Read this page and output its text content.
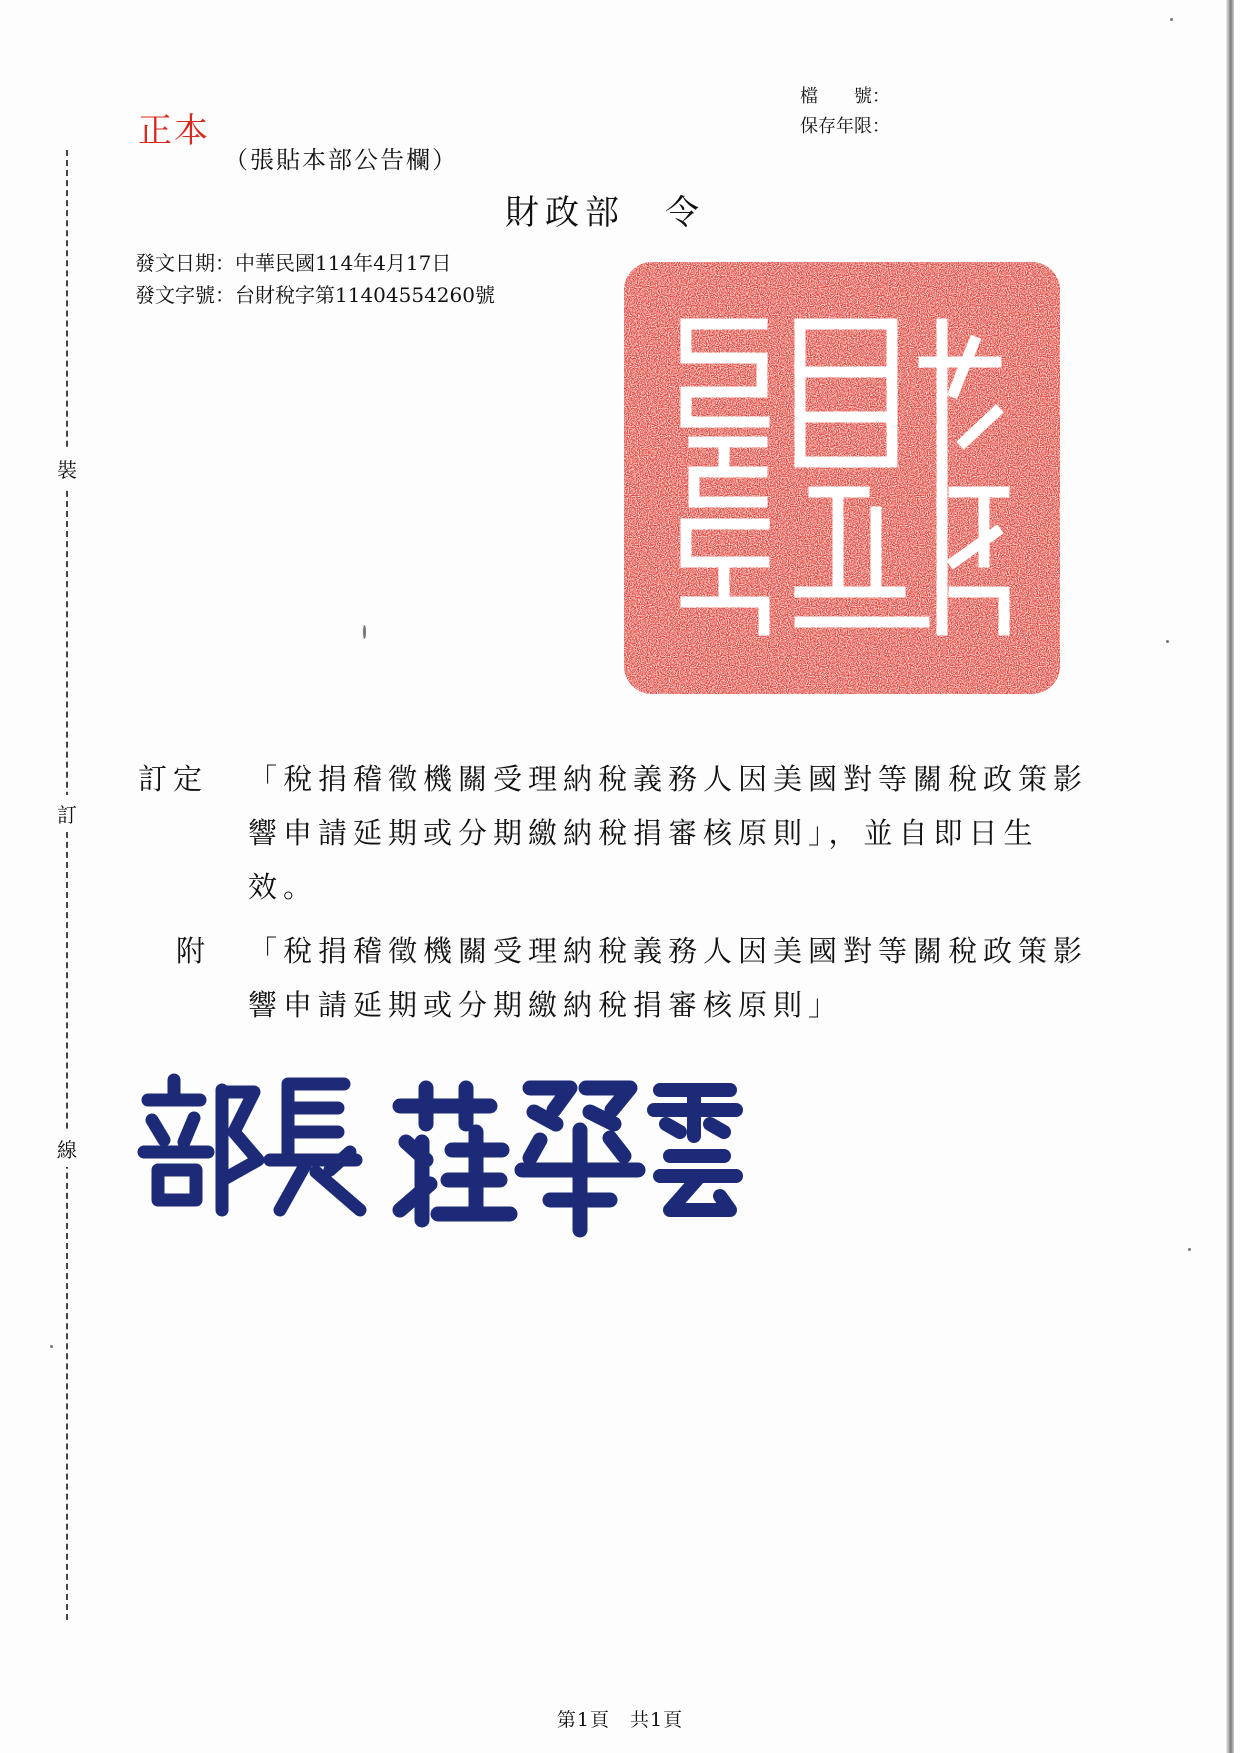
裝
訂
線
正本
（張貼本部公告欄）
檔　　號：
保存年限：
財政部　令
發文日期：中華民國114年4月17日
發文字號：台財稅字第11404554260號
訂定 「稅捐稽徵機關受理納稅義務人因美國對等關稅政策影響申請延期或分期繳納稅捐審核原則」，並自即日生效。
附 「稅捐稽徵機關受理納稅義務人因美國對等關稅政策影響申請延期或分期繳納稅捐審核原則」
第1頁　共1頁
